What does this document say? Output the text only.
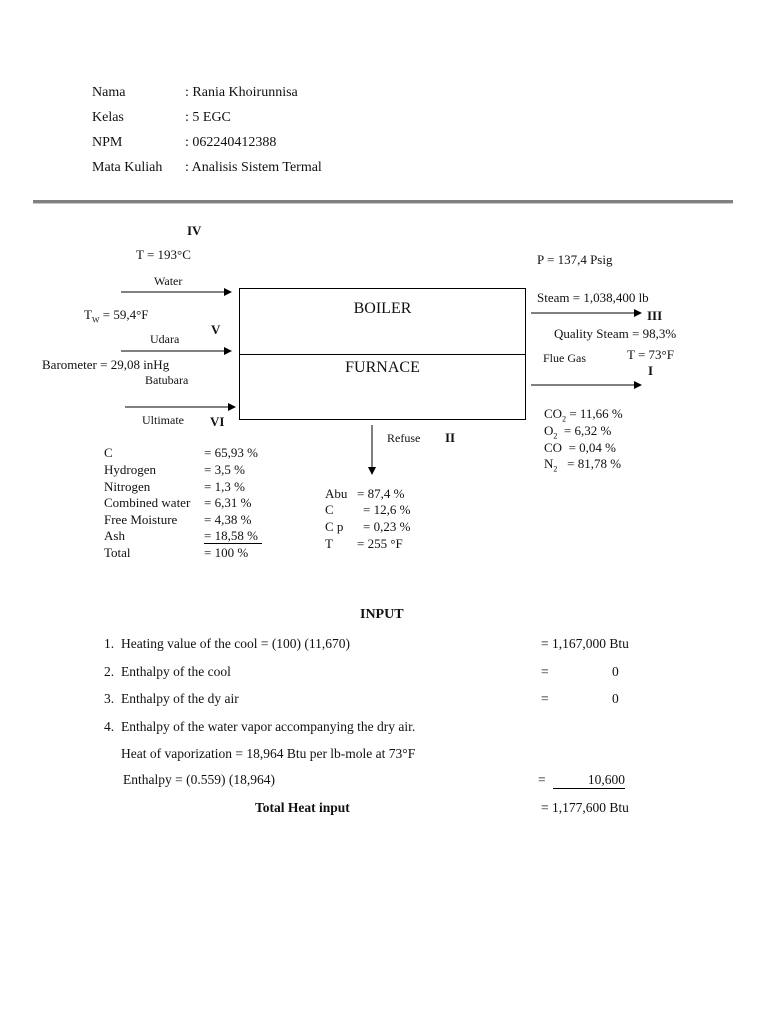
Nama	: Rania Khoirunnisa
Kelas	: 5 EGC
NPM	: 062240412388
Mata Kuliah : Analisis Sistem Termal
BOILER
FURNACE
IV
T = 193°C
Water
$T_W = 59,4^\circ F$
Udara
V
Barometer = 29,08 inHg
Batubara
Ultimate VI
P = 137,4 Psig
Steam = 1,038,400 lb
III
Quality Steam = 98,3%
Flue Gas	T = 73°F
I
$CO_2 = 11,66$ %
$O_2 = 6,32$ %
CO  = 0,04 %
$N_2 = 81,78$ %
Refuse II
Abu = 87,4 %
C = 12,6 %
C p = 0,23 %
T = 255 °F
C	= 65,93 %
Hydrogen	= 3,5 %
Nitrogen	= 1,3 %
Combined water = 6,31 %
Free Moisture = 4,38 %
Ash	= 18,58 %
Total	= 100 %
INPUT
1. Heating value of the cool = (100) (11,670)	= 1,167,000 Btu
2. Enthalpy of the cool	=	0
3. Enthalpy of the dy air	=	0
4. Enthalpy of the water vapor accompanying the dry air.
Heat of vaporization = 18,964 Btu per lb-mole at 73°F
Enthalpy = (0.559) (18,964)	=	10,600
Total Heat input	= 1,177,600 Btu
